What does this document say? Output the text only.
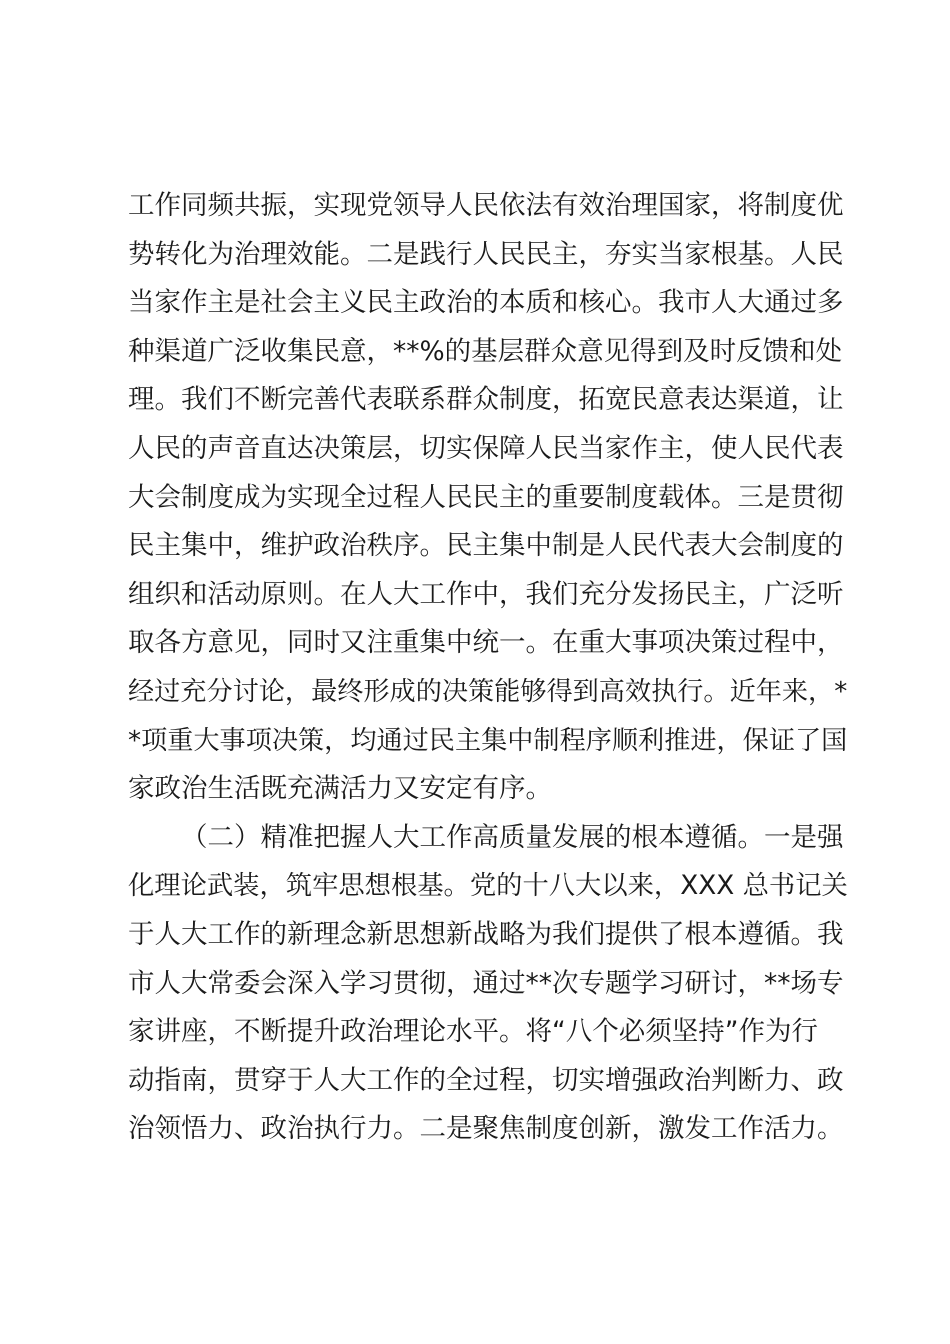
工作同频共振，实现党领导人民依法有效治理国家，将制度优
势转化为治理效能。二是践行人民民主，夯实当家根基。人民
当家作主是社会主义民主政治的本质和核心。我市人大通过多
种渠道广泛收集民意，**%的基层群众意见得到及时反馈和处
理。我们不断完善代表联系群众制度，拓宽民意表达渠道，让
人民的声音直达决策层，切实保障人民当家作主，使人民代表
大会制度成为实现全过程人民民主的重要制度载体。三是贯彻
民主集中，维护政治秩序。民主集中制是人民代表大会制度的
组织和活动原则。在人大工作中，我们充分发扬民主，广泛听
取各方意见，同时又注重集中统一。在重大事项决策过程中，
经过充分讨论，最终形成的决策能够得到高效执行。近年来，*
*项重大事项决策，均通过民主集中制程序顺利推进，保证了国
家政治生活既充满活力又安定有序。
（二）精准把握人大工作高质量发展的根本遵循。一是强
化理论武装，筑牢思想根基。党的十八大以来，XXX 总书记关
于人大工作的新理念新思想新战略为我们提供了根本遵循。我
市人大常委会深入学习贯彻，通过**次专题学习研讨，**场专
家讲座，不断提升政治理论水平。将“八个必须坚持”作为行
动指南，贯穿于人大工作的全过程，切实增强政治判断力、政
治领悟力、政治执行力。二是聚焦制度创新，激发工作活力。
